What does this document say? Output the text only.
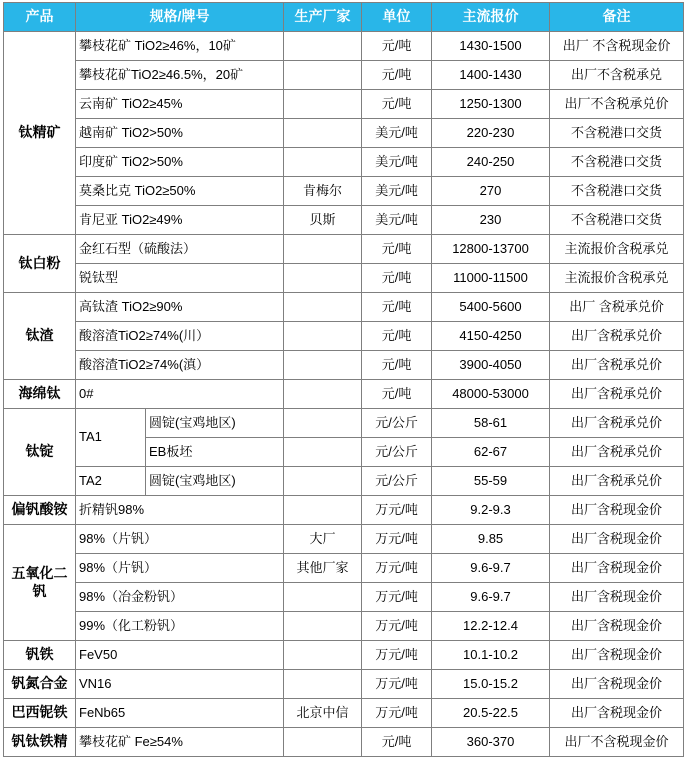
产品	规格/牌号		生产厂家	单位	主流报价	备注
钛精矿	攀枝花矿 TiO2≥46%，10矿			元/吨	1430-1500	出厂 不含税现金价
	攀枝花矿TiO2≥46.5%，20矿			元/吨	1400-1430	出厂不含税承兑
	云南矿 TiO2≥45%			元/吨	1250-1300	出厂不含税承兑价
	越南矿 TiO2>50%			美元/吨	220-230	不含税港口交货
	印度矿 TiO2>50%			美元/吨	240-250	不含税港口交货
	莫桑比克 TiO2≥50%		肯梅尔	美元/吨	270	不含税港口交货
	肯尼亚 TiO2≥49%		贝斯	美元/吨	230	不含税港口交货
钛白粉	金红石型（硫酸法）			元/吨	12800-13700	主流报价含税承兑
	锐钛型			元/吨	11000-11500	主流报价含税承兑
钛渣	高钛渣 TiO2≥90%			元/吨	5400-5600	出厂 含税承兑价
	酸溶渣TiO2≥74%(川）			元/吨	4150-4250	出厂含税承兑价
	酸溶渣TiO2≥74%(滇）			元/吨	3900-4050	出厂含税承兑价
海绵钛	0#			元/吨	48000-53000	出厂含税承兑价
钛锭	TA1	圆锭(宝鸡地区)		元/公斤	58-61	出厂含税承兑价
		EB板坯		元/公斤	62-67	出厂含税承兑价
	TA2	圆锭(宝鸡地区)		元/公斤	55-59	出厂含税承兑价
偏钒酸铵	折精钒98%			万元/吨	9.2-9.3	出厂含税现金价
五氧化二钒	98%（片钒）		大厂	万元/吨	9.85	出厂含税现金价
	98%（片钒）		其他厂家	万元/吨	9.6-9.7	出厂含税现金价
	98%（冶金粉钒）			万元/吨	9.6-9.7	出厂含税现金价
	99%（化工粉钒）			万元/吨	12.2-12.4	出厂含税现金价
钒铁	FeV50			万元/吨	10.1-10.2	出厂含税现金价
钒氮合金	VN16			万元/吨	15.0-15.2	出厂含税现金价
巴西铌铁	FeNb65		北京中信	万元/吨	20.5-22.5	出厂含税现金价
钒钛铁精	攀枝花矿 Fe≥54%			元/吨	360-370	出厂不含税现金价
